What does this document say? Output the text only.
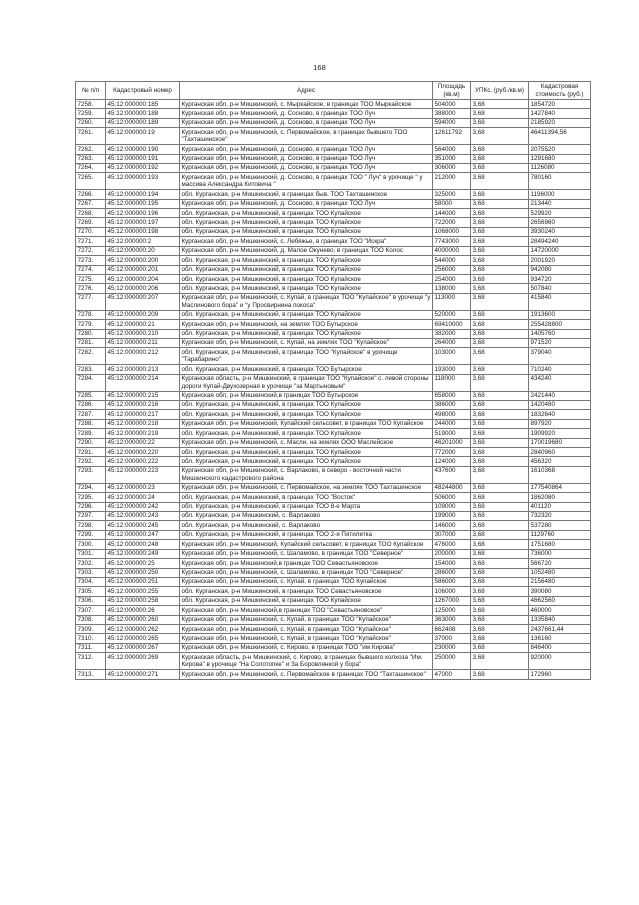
168
№ п/п	Кадастровый номер	Адрес	Площадь (кв.м)	УПКс. (руб./кв.м)	Кадастровая стоимость (руб.)
7258.	45:12:000000:185	Курганская обл, р-н Мишкинский, с. Мыркайское, в границах ТОО Мыркайское	504000	3,68	1854720
7259.	45:12:000000:188	Курганская обл, р-н Мишкинский, д. Сосново, в границах ТОО Луч	388000	3,68	1427840
7260.	45:12:000000:189	Курганская обл, р-н Мишкинский, д. Сосново, в границах ТОО Луч	594000	3,68	2185920
7261.	45:12:000000:19	Курганская обл, р-н Мишкинский, с. Первомайское, в границах бывшего ТОО "Тахташинское"	12611792	3,68	46411394,56
7262.	45:12:000000:190	Курганская обл, р-н Мишкинский, д. Сосново, в границах ТОО Луч	564000	3,68	2075520
7263.	45:12:000000:191	Курганская обл, р-н Мишкинский, д. Сосново, в границах ТОО Луч	351000	3,68	1291680
7264.	45:12:000000:192	Курганская обл, р-н Мишкинский, д. Сосново, в границах ТОО Луч	306000	3,68	1126080
7265.	45:12:000000:193	Курганская обл, р-н Мишкинский, д. Сосново, в границах ТОО " Луч" в урочище " у массива Александра Китовича "	212000	3,68	780160
7266.	45:12:000000:194	обл. Курганская, р-н Мишкинский, в границах быв. ТОО Тахташинское	325000	3,68	1196000
7267.	45:12:000000:195	Курганская обл, р-н Мишкинский, д. Сосново, в границах ТОО Луч	58000	3,68	213440
7268.	45:12:000000:196	обл. Курганская, р-н Мишкинский, в границах ТОО Купайское	144000	3,68	529920
7269.	45:12:000000:197	обл. Курганская, р-н Мишкинский, в границах ТОО Купайское	722000	3,68	2656960
7270.	45:12:000000:198	обл. Курганская, р-н Мишкинский, в границах ТОО Купайское	1068000	3,68	3930240
7271.	45:12:000000:2	Курганская обл, р-н Мишкинский, с. Лебяжье, в границах ТОО "Искра"	7743000	3,68	28494240
7272.	45:12:000000:20	Курганская обл, р-н Мишкинский, д. Малое Окунево, в границах ТОО Колос	4000000	3,68	14720000
7273.	45:12:000000:200	обл. Курганская, р-н Мишкинский, в границах ТОО Купайское	544000	3,68	2001920
7274.	45:12:000000:201	обл. Курганская, р-н Мишкинский, в границах ТОО Купайское	256000	3,68	942080
7275.	45:12:000000:204	обл. Курганская, р-н Мишкинский, в границах ТОО Купайское	254000	3,68	934720
7276.	45:12:000000:206	обл. Курганская, р-н Мишкинский, в границах ТОО Купайское	138000	3,68	507840
7277.	45:12:000000:207	Курганская обл, р-н Мишкинский, с. Купай, в границах ТОО "Купайское" в урочище "у Маслинового бора" и "у Просвирнина покоса"	113000	3,68	415840
7278.	45:12:000000:209	обл. Курганская, р-н Мишкинский, в границах ТОО Купайское	520000	3,68	1913600
7279.	45:12:000000:21	Курганская обл, р-н Мишкинский, на землях ТОО Бутырское	69410000	3,68	255428800
7280.	45:12:000000:210	обл. Курганская, р-н Мишкинский, в границах ТОО Купайское	382000	3,68	1405760
7281.	45:12:000000:211	Курганская обл, р-н Мишкинский, с. Купай, на землях ТОО "Купайское"	264000	3,68	971520
7282.	45:12:000000:212	обл. Курганская, р-н Мишкинский, в границах ТОО "Купайское" в урочище "Тарабарино"	103000	3,68	379040
7283.	45:12:000000:213	обл. Курганская, р-н Мишкинский, в границах ТОО Бутырское	193000	3,68	710240
7284.	45:12:000000:214	Курганская область, р-н Мишкинский, в границах ТОО "Купайское" с. левой стороны дороги Купай-Двухозерная в урочище "за Мартыновым"	118000	3,68	434240
7285.	45:12:000000:215	Курганская обл, р-н Мишкинский,в границах ТОО Бутырское	658000	3,68	2421440
7286.	45:12:000000:216	обл. Курганская, р-н Мишкинский, в границах ТОО Купайское	386000	3,68	1420480
7287.	45:12:000000:217	обл. Курганская, р-н Мишкинский, в границах ТОО Купайское	498000	3,68	1832640
7288.	45:12:000000:218	Курганская обл, р-н Мишкинский, Купайский сельсовет, в границах ТОО Купайское	244000	3,68	897920
7289.	45:12:000000:219	обл. Курганская, р-н Мишкинский, в границах ТОО Купайское	519000	3,68	1909920
7290.	45:12:000000:22	Курганская обл, р-н Мишкинский, с. Масли, на землях ООО Маслейское	46201000	3,68	170019680
7291.	45:12:000000:220	обл. Курганская, р-н Мишкинский, в границах ТОО Купайское	772000	3,68	2840960
7292.	45:12:000000:222	обл. Курганская, р-н Мишкинский, в границах ТОО Купайское	124000	3,68	456320
7293.	45:12:000000:223	Курганская обл, р-н Мишкинский, с. Варлаково, в северо - восточной части Мишкинского кадастрового района	437600	3,68	1610368
7294.	45:12:000000:23	Курганская обл, р-н Мишкинский, с. Первомайское, на землях ТОО Тахташинское	48244800	3,68	177540864
7295.	45:12:000000:24	обл. Курганская, р-н Мишкинский, в границах ТОО "Восток"	506000	3,68	1862080
7296.	45:12:000000:242	обл. Курганская, р-н Мишкинский, в границах ТОО 8-е Марта	109000	3,68	401120
7297.	45:12:000000:243	обл. Курганская, р-н Мишкинский, с. Варлаково	199000	3,68	732320
7298.	45:12:000000:245	обл. Курганская, р-н Мишкинский, с. Варлаково	146000	3,68	537280
7299.	45:12:000000:247	обл. Курганская, р-н Мишкинский, в границах ТОО 2-я Пятилетка	307000	3,68	1129760
7300.	45:12:000000:248	Курганская обл, р-н Мишкинский, Купайский сельсовет, в границах ТОО Купайское	476000	3,68	1751680
7301.	45:12:000000:249	Курганская обл, р-н Мишкинский, с. Шаламово, в границах ТОО "Северное"	200000	3,68	736000
7302.	45:12:000000:25	Курганская обл, р-н Мишкинский,в границах ТОО Севастьяновское	154000	3,68	566720
7303.	45:12:000000:250	Курганская обл, р-н Мишкинский, с. Шаламово, в границах ТОО "Северное"	286000	3,68	1052480
7304.	45:12:000000:251	Курганская обл, р-н Мишкинский, с. Купай, в границах ТОО Купайское	586000	3,68	2156480
7305.	45:12:000000:255	обл. Курганская, р-н Мишкинский, в границах ТОО Севастьяновское	106000	3,68	390080
7306.	45:12:000000:258	обл. Курганская, р-н Мишкинский, в границах ТОО Купайское	1267000	3,68	4662560
7307.	45:12:000000:26	Курганская обл, р-н Мишкинский,в границах ТОО "Севастьяновское"	125000	3,68	460000
7308.	45:12:000000:260	Курганская обл, р-н Мишкинский, с. Купай, в границах ТОО "Купайское"	363000	3,68	1335840
7309.	45:12:000000:262	Курганская обл, р-н Мишкинский, с. Купай, в границах ТОО "Купайское"	662408	3,68	2437661,44
7310.	45:12:000000:265	Курганская обл, р-н Мишкинский, с. Купай, в границах ТОО "Купайское"	37000	3,68	136160
7311.	45:12:000000:267	Курганская обл, р-н Мишкинский, с. Кирово, в границах ТОО "им Кирова"	230000	3,68	846400
7312.	45:12:000000:269	Курганская область, р-н Мишкинский, с. Кирово, в границах бывшего колхоза "Им. Кирова" в урочище "На Солотопке" и За Боровлянкой у бора"	250000	3,68	920000
7313.	45:12:000000:271	Курганская обл, р-н Мишкинский, с. Первомайское в границах ТОО "Тахташинское"	47000	3,68	172960
